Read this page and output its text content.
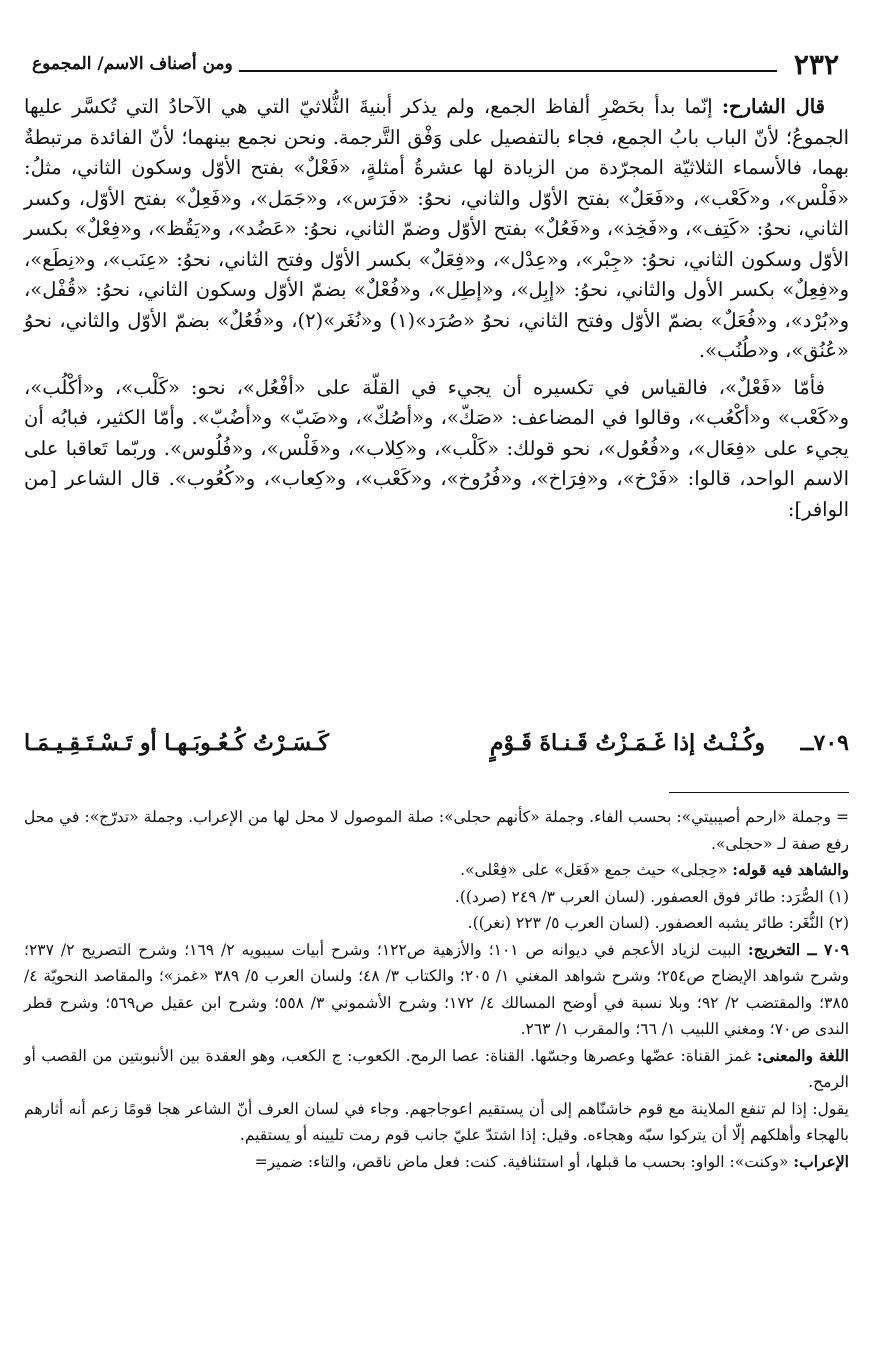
٢٣٢
ومن أصناف الاسم/ المجموع

قال الشارح: إنّما بدأ بحَصْرِ ألفاظ الجمع، ولم يذكر أبنيةَ الثُّلاثيّ التي هي الآحادُ التي تُكسَّر عليها الجموعُ؛ لأنّ الباب بابُ الجمع، فجاء بالتفصيل على وَفْق التَّرجمة. ونحن نجمع بينهما؛ لأنّ الفائدة مرتبطةٌ بهما، فالأسماء الثلاثيّة المجرّدة من الزيادة لها عشرةُ أمثلةٍ، «فَعْلٌ» بفتح الأوّل وسكون الثاني، مثلُ: «فَلْس»، و«كَعْب»، و«فَعَلٌ» بفتح الأوّل والثاني، نحوُ: «فَرَس»، و«جَمَل»، و«فَعِلٌ» بفتح الأوّل، وكسر الثاني، نحوُ: «كَتِف»، و«فَخِذ»، و«فَعُلٌ» بفتح الأوّل وضمّ الثاني، نحوُ: «عَضُد»، و«يَقُظ»، و«فِعْلٌ» بكسر الأوّل وسكون الثاني، نحوُ: «جِبْر»، و«عِدْل»، و«فِعَلٌ» بكسر الأوّل وفتح الثاني، نحوُ: «عِنَب»، و«نِطَع»، و«فِعِلٌ» بكسر الأول والثاني، نحوُ: «إبِل»، و«إطِل»، و«فُعْلٌ» بضمّ الأوّل وسكون الثاني، نحوُ: «قُفْل»، و«بُرْد»، و«فُعَلٌ» بضمّ الأوّل وفتح الثاني، نحوُ «صُرَد»(١) و«نُغَر»(٢)، و«فُعُلٌ» بضمّ الأوّل والثاني، نحوُ «عُنُق»، و«طُنُب».

فأمّا «فَعْلٌ»، فالقياس في تكسيره أن يجيء في القلّة على «أفْعُل»، نحو: «كَلْب»، و«أكْلُب»، و«كَعْب» و«أكْعُب»، وقالوا في المضاعف: «صَكّ»، و«أصُكّ»، و«ضَبّ» و«أضُبّ». وأمّا الكثير، فبابُه أن يجيء على «فِعَال»، و«فُعُول»، نحو قولك: «كَلْب»، و«كِلاب»، و«فَلْس»، و«فُلُوس». وربّما تَعاقبا على الاسم الواحد، قالوا: «فَرْخ»، و«فِرَاخ»، و«فُرُوخ»، و«كَعْب»، و«كِعاب»، و«كُعُوب». قال الشاعر [من الوافر]:

٧٠٩ــ
وكُـنْـتُ إذا غَـمَـزْتُ قَـنـاةَ قَـوْمٍ
كَـسَـرْتُ كُـعُـوبَـهـا أو تَـسْـتَـقِـيـمَـا

= وجملة «ارحم أصيبيتي»: بحسب الفاء. وجملة «كأنهم حجلى»: صلة الموصول لا محل لها من الإعراب. وجملة «تدرّج»: في محل رفع صفة لـ «حجلى».

والشاهد فيه قوله: «حِجلى» حيث جمع «فَعَل» على «فِعْلى».

(١) الصُّرَد: طائر فوق العصفور. (لسان العرب ٣/ ٢٤٩ (صرد)).

(٢) النُّغَر: طائر يشبه العصفور. (لسان العرب ٥/ ٢٢٣ (نغر)).

٧٠٩ ــ التخريج: البيت لزياد الأعجم في ديوانه ص ١٠١؛ والأزهية ص١٢٢؛ وشرح أبيات سيبويه ٢/ ١٦٩؛ وشرح التصريح ٢/ ٢٣٧؛ وشرح شواهد الإيضاح ص٢٥٤؛ وشرح شواهد المغني ١/ ٢٠٥؛ والكتاب ٣/ ٤٨؛ ولسان العرب ٥/ ٣٨٩ «غمز»؛ والمقاصد النحويّة ٤/ ٣٨٥؛ والمقتضب ٢/ ٩٢؛ وبلا نسبة في أوضح المسالك ٤/ ١٧٢؛ وشرح الأشموني ٣/ ٥٥٨؛ وشرح ابن عقيل ص٥٦٩؛ وشرح قطر الندى ص٧٠؛ ومغني اللبيب ١/ ٦٦؛ والمقرب ١/ ٢٦٣.

اللغة والمعنى: غمز القناة: عضّها وعصرها وجسّها. القناة: عصا الرمح. الكعوب: ج الكعب، وهو العقدة بين الأنبوبتين من القصب أو الرمح.

يقول: إذا لم تنفع الملاينة مع قوم خاشنّاهم إلى أن يستقيم اعوجاجهم. وجاء في لسان العرف أنّ الشاعر هجا قومًا زعم أنه أثارهم بالهجاء وأهلكهم إلّا أن يتركوا سبّه وهجاءه. وقيل: إذا اشتدّ عليّ جانب قوم رمت تليينه أو يستقيم.

الإعراب: «وكنت»: الواو: بحسب ما قبلها، أو استئنافية. كنت: فعل ماض ناقص، والتاء: ضمير=
